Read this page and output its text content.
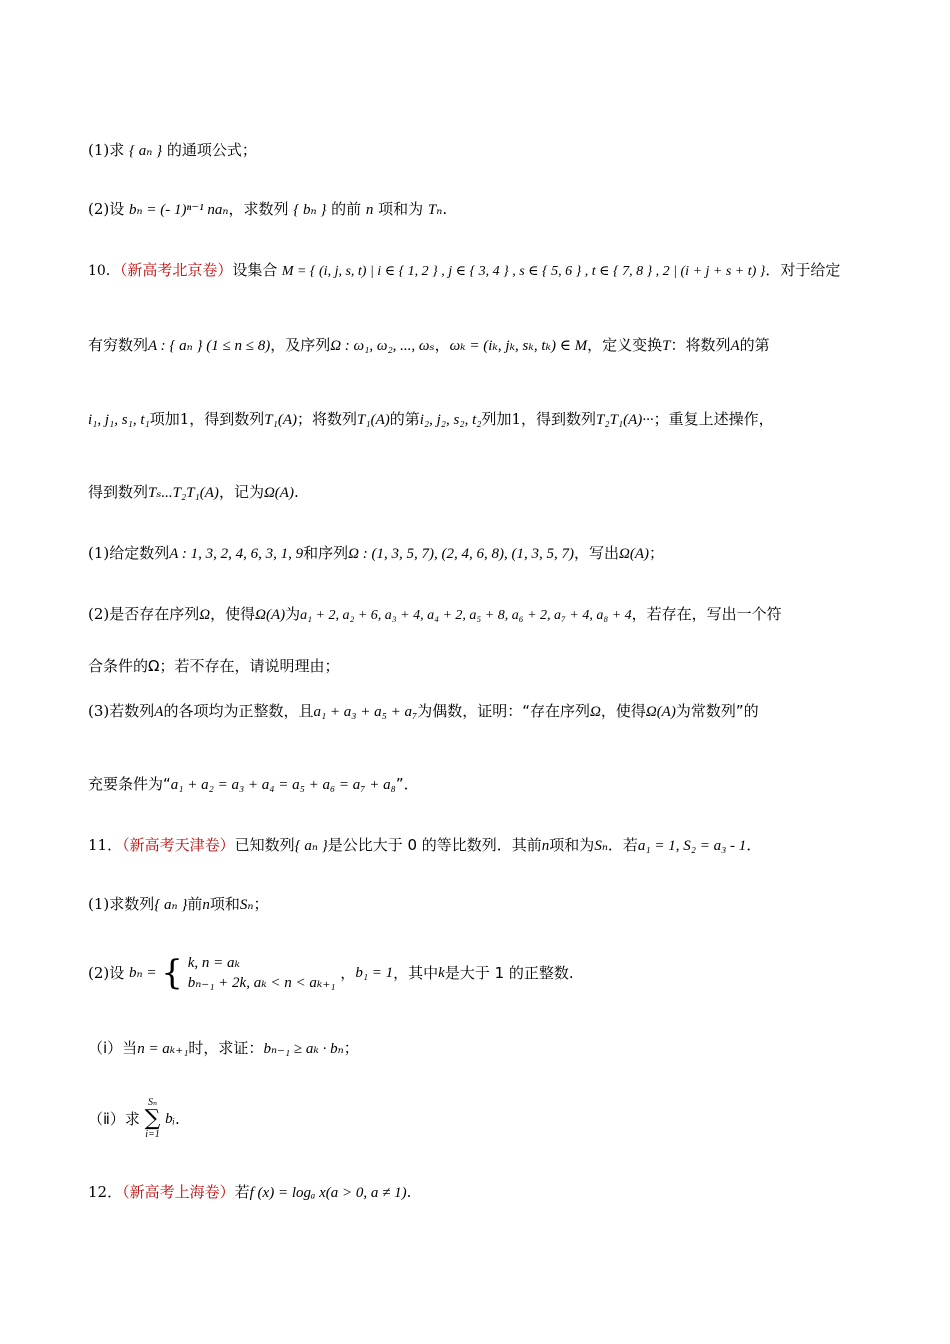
(1)求 { aₙ } 的通项公式；
(2)设 bₙ = (- 1)ⁿ⁻¹ naₙ，求数列 { bₙ } 的前 n 项和为 Tₙ.
10．（新高考北京卷）设集合 M = { (i, j, s, t) | i ∈ { 1, 2 } , j ∈ { 3, 4 } , s ∈ { 5, 6 } , t ∈ { 7, 8 } , 2 | (i + j + s + t) }．对于给定
有穷数列A : { aₙ } (1 ≤ n ≤ 8)，及序列Ω : ω₁, ω₂, ..., ωₛ，ωₖ = (iₖ, jₖ, sₖ, tₖ) ∈ M，定义变换T：将数列A的第
i₁, j₁, s₁, t₁项加1，得到数列T₁(A)；将数列T₁(A)的第i₂, j₂, s₂, t₂列加1，得到数列T₂T₁(A)···；重复上述操作，
得到数列Tₛ...T₂T₁(A)，记为Ω(A).
(1)给定数列A : 1, 3, 2, 4, 6, 3, 1, 9和序列Ω : (1, 3, 5, 7), (2, 4, 6, 8), (1, 3, 5, 7)，写出Ω(A)；
(2)是否存在序列Ω，使得Ω(A)为a₁ + 2, a₂ + 6, a₃ + 4, a₄ + 2, a₅ + 8, a₆ + 2, a₇ + 4, a₈ + 4，若存在，写出一个符
合条件的Ω；若不存在，请说明理由；
(3)若数列A的各项均为正整数，且a₁ + a₃ + a₅ + a₇为偶数，证明：“存在序列Ω，使得Ω(A)为常数列”的
充要条件为“a₁ + a₂ = a₃ + a₄ = a₅ + a₆ = a₇ + a₈”．
11．（新高考天津卷）已知数列{ aₙ }是公比大于 0 的等比数列．其前n项和为Sₙ．若a₁ = 1, S₂ = a₃ - 1．
(1)求数列{ aₙ }前n项和Sₙ；
(2)设 bₙ = { k, n = aₖ
bₙ₋₁ + 2k, aₖ < n < aₖ₊₁
，b₁ = 1，其中k是大于 1 的正整数.
（ⅰ）当n = aₖ₊₁时，求证：bₙ₋₁ ≥ aₖ · bₙ；
（ⅱ）求
Sₙ
∑
i=1
bᵢ.
12．（新高考上海卷）若f (x) = logₐ x(a > 0, a ≠ 1).
